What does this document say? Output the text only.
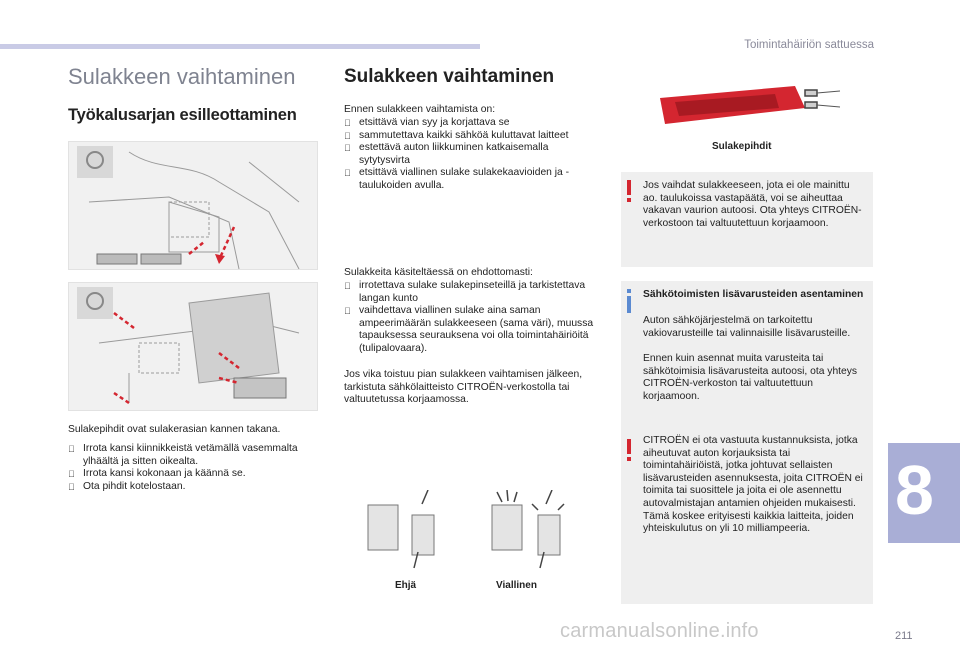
Toimintahäiriön sattuessa
8
211
carmanualsonline.info
Sulakkeen vaihtaminen
Työkalusarjan esilleottaminen
Sulakepihdit ovat sulakerasian kannen takana.
Irrota kansi kiinnikkeistä vetämällä vasemmalta ylhäältä ja sitten oikealta.
Irrota kansi kokonaan ja käännä se.
Ota pihdit kotelostaan.
Sulakkeen vaihtaminen
Ennen sulakkeen vaihtamista on:
etsittävä vian syy ja korjattava se
sammutettava kaikki sähköä kuluttavat laitteet
estettävä auton liikkuminen katkaisemalla sytytysvirta
etsittävä viallinen sulake sulakekaavioiden ja -taulukoiden avulla.
Sulakkeita käsiteltäessä on ehdottomasti:
irrotettava sulake sulakepinseteillä ja tarkistettava langan kunto
vaihdettava viallinen sulake aina saman ampeerimäärän sulakkeeseen (sama väri), muussa tapauksessa seurauksena voi olla toimintahäiriöitä (tulipalovaara).
Jos vika toistuu pian sulakkeen vaihtamisen jälkeen, tarkistuta sähkölaitteisto CITROËN-verkostolla tai valtuutetussa korjaamossa.
Ehjä	Viallinen
Sulakepihdit
Jos vaihdat sulakkeeseen, jota ei ole mainittu ao. taulukoissa vastapäätä, voi se aiheuttaa vakavan vaurion autoosi. Ota yhteys CITROËN-verkostoon tai valtuutettuun korjaamoon.
Sähkötoimisten lisävarusteiden asentaminen
Auton sähköjärjestelmä on tarkoitettu vakiovarusteille tai valinnaisille lisävarusteille.
Ennen kuin asennat muita varusteita tai sähkötoimisia lisävarusteita autoosi, ota yhteys CITROËN-verkoston tai valtuutettuun korjaamoon.
CITROËN ei ota vastuuta kustannuksista, jotka aiheutuvat auton korjauksista tai toimintahäiriöistä, jotka johtuvat sellaisten lisävarusteiden asennuksesta, joita CITROËN ei toimita tai suosittele ja joita ei ole asennettu autovalmistajan antamien ohjeiden mukaisesti. Tämä koskee erityisesti kaikkia laitteita, joiden yhteiskulutus on yli 10 milliampeeria.
